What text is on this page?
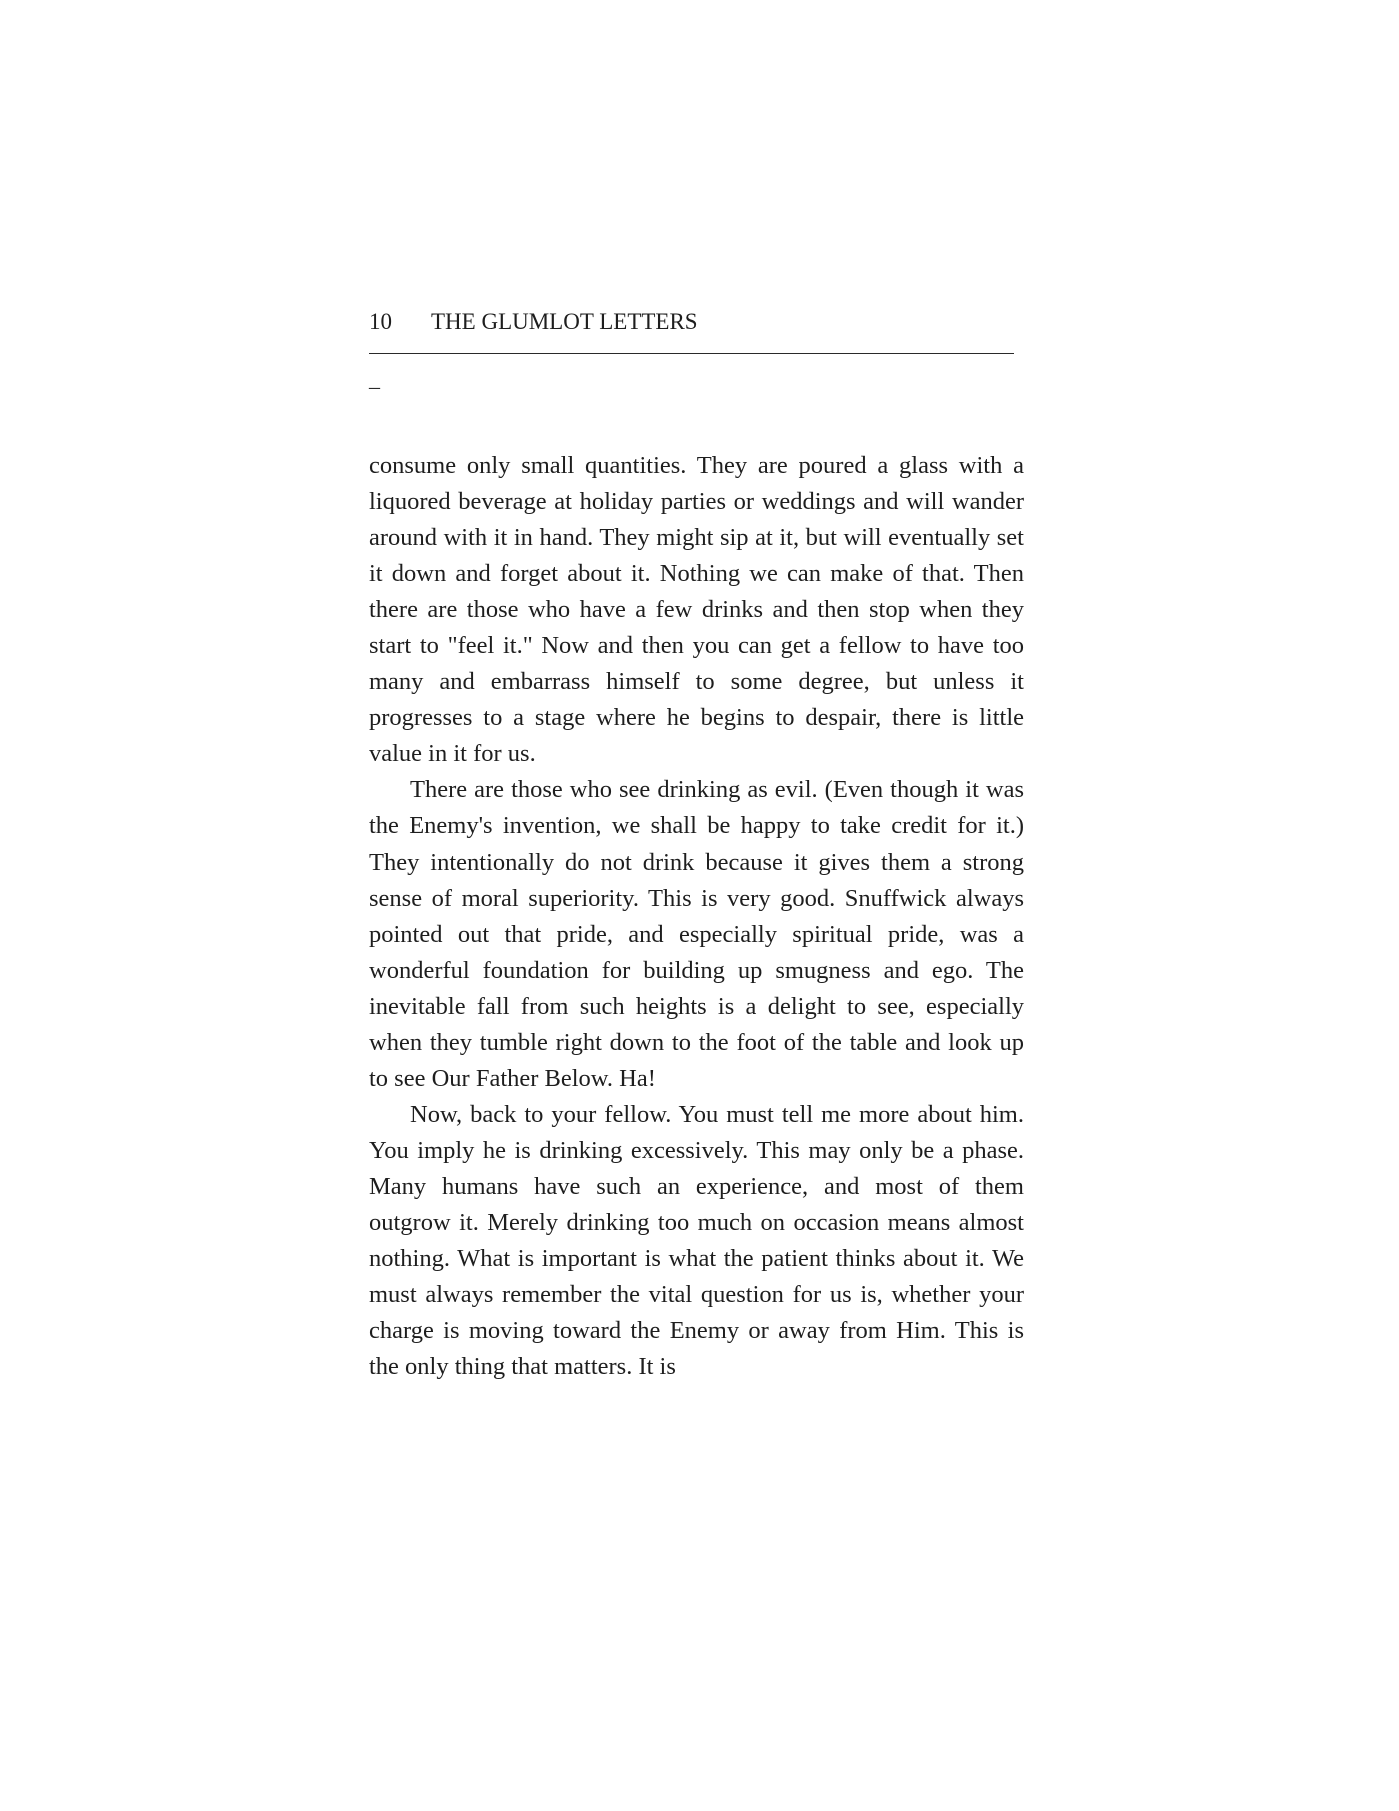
10 THE GLUMLOT LETTERS
_

consume only small quantities. They are poured a glass with a liquored beverage at holiday parties or weddings and will wander around with it in hand. They might sip at it, but will eventually set it down and forget about it. Nothing we can make of that. Then there are those who have a few drinks and then stop when they start to "feel it." Now and then you can get a fellow to have too many and embarrass himself to some degree, but unless it progresses to a stage where he begins to despair, there is little value in it for us.

There are those who see drinking as evil. (Even though it was the Enemy's invention, we shall be happy to take credit for it.) They intentionally do not drink because it gives them a strong sense of moral superiority. This is very good. Snuffwick always pointed out that pride, and especially spiritual pride, was a wonderful foundation for building up smugness and ego. The inevitable fall from such heights is a delight to see, especially when they tumble right down to the foot of the table and look up to see Our Father Below. Ha!

Now, back to your fellow. You must tell me more about him. You imply he is drinking excessively. This may only be a phase. Many humans have such an experience, and most of them outgrow it. Merely drinking too much on occasion means almost nothing. What is important is what the patient thinks about it. We must always remember the vital question for us is, whether your charge is moving toward the Enemy or away from Him. This is the only thing that matters. It is
